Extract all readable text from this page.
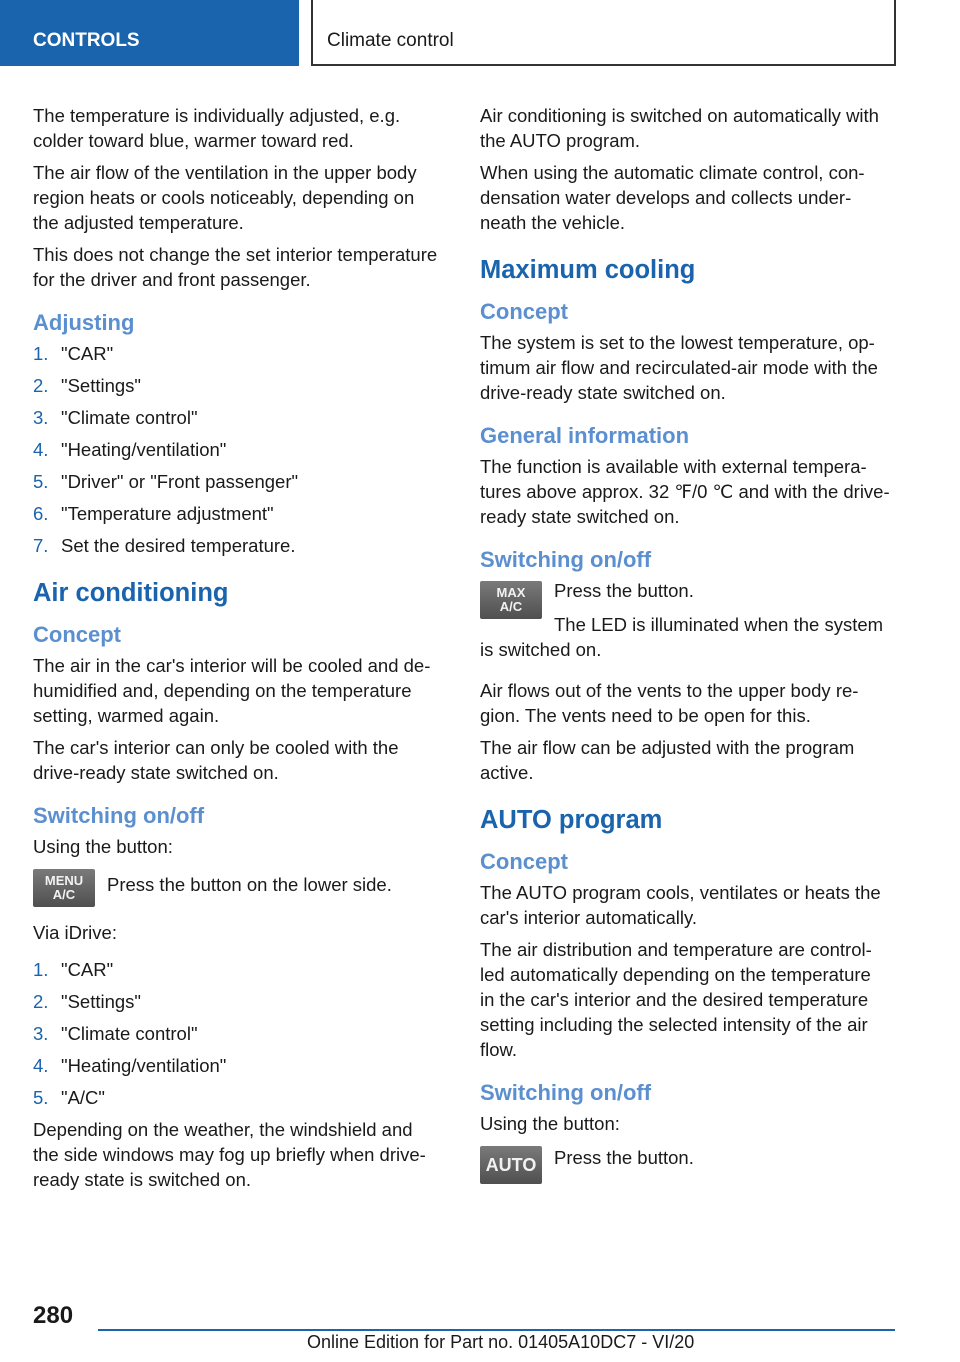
CONTROLS	Climate control

The temperature is individually adjusted, e.g. colder toward blue, warmer toward red.

The air flow of the ventilation in the upper body region heats or cools noticeably, depending on the adjusted temperature.

This does not change the set interior temperature for the driver and front passenger.

Adjusting
1. "CAR"
2. "Settings"
3. "Climate control"
4. "Heating/ventilation"
5. "Driver" or "Front passenger"
6. "Temperature adjustment"
7. Set the desired temperature.
Air conditioning
Concept

The air in the car's interior will be cooled and dehumidified and, depending on the temperature setting, warmed again.

The car's interior can only be cooled with the drive-ready state switched on.

Switching on/off

Using the button:

MENU
A/C Press the button on the lower side.

Via iDrive:

1. "CAR"
2. "Settings"
3. "Climate control"
4. "Heating/ventilation"
5. "A/C"

Depending on the weather, the windshield and the side windows may fog up briefly when drive-ready state is switched on.

Air conditioning is switched on automatically with the AUTO program.

When using the automatic climate control, condensation water develops and collects underneath the vehicle.

Maximum cooling
Concept

The system is set to the lowest temperature, optimum air flow and recirculated-air mode with the drive-ready state switched on.

General information

The function is available with external temperatures above approx. 32 ℉/0 ℃ and with the drive-ready state switched on.

Switching on/off
MAX
A/C

Press the button.

The LED is illuminated when the system is switched on.

Air flows out of the vents to the upper body region. The vents need to be open for this.

The air flow can be adjusted with the program active.

AUTO program
Concept

The AUTO program cools, ventilates or heats the car's interior automatically.

The air distribution and temperature are controlled automatically depending on the temperature in the car's interior and the desired temperature setting including the selected intensity of the air flow.

Switching on/off

Using the button:

AUTO Press the button.

280
Online Edition for Part no. 01405A10DC7 - VI/20
